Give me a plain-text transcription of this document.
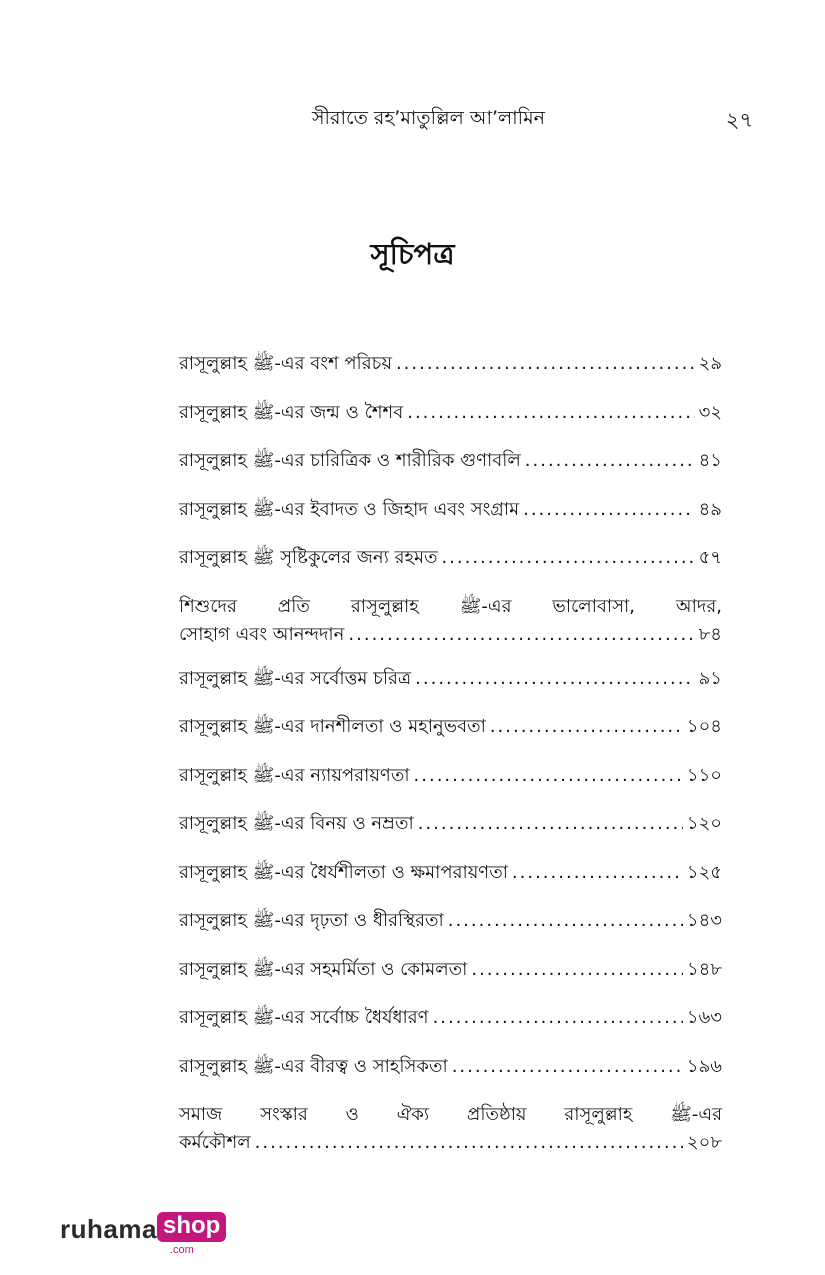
সীরাতে রহ’মাতুল্লিল আ’লামিন	২৭
সূচিপত্র
রাসূলুল্লাহ ﷺ-এর বংশ পরিচয় .....	২৯
রাসূলুল্লাহ ﷺ-এর জন্ম ও শৈশব .....	৩২
রাসূলুল্লাহ ﷺ-এর চারিত্রিক ও শারীরিক গুণাবলি .....	৪১
রাসূলুল্লাহ ﷺ-এর ইবাদত ও জিহাদ এবং সংগ্রাম .....	৪৯
রাসূলুল্লাহ ﷺ সৃষ্টিকুলের জন্য রহমত .....	৫৭
শিশুদের প্রতি রাসূলুল্লাহ ﷺ-এর ভালোবাসা, আদর,
সোহাগ এবং আনন্দদান .....	৮৪
রাসূলুল্লাহ ﷺ-এর সর্বোত্তম চরিত্র .....	৯১
রাসূলুল্লাহ ﷺ-এর দানশীলতা ও মহানুভবতা .....	১০৪
রাসূলুল্লাহ ﷺ-এর ন্যায়পরায়ণতা .....	১১০
রাসূলুল্লাহ ﷺ-এর বিনয় ও নম্রতা .....	১২০
রাসূলুল্লাহ ﷺ-এর ধৈর্যশীলতা ও ক্ষমাপরায়ণতা .....	১২৫
রাসূলুল্লাহ ﷺ-এর দৃঢ়তা ও ধীরস্থিরতা .....	১৪৩
রাসূলুল্লাহ ﷺ-এর সহমর্মিতা ও কোমলতা .....	১৪৮
রাসূলুল্লাহ ﷺ-এর সর্বোচ্চ ধৈর্যধারণ .....	১৬৩
রাসূলুল্লাহ ﷺ-এর বীরত্ব ও সাহসিকতা .....	১৯৬
সমাজ সংস্কার ও ঐক্য প্রতিষ্ঠায় রাসূলুল্লাহ ﷺ-এর
কর্মকৌশল .....	২০৮
ruhama shop
.com
